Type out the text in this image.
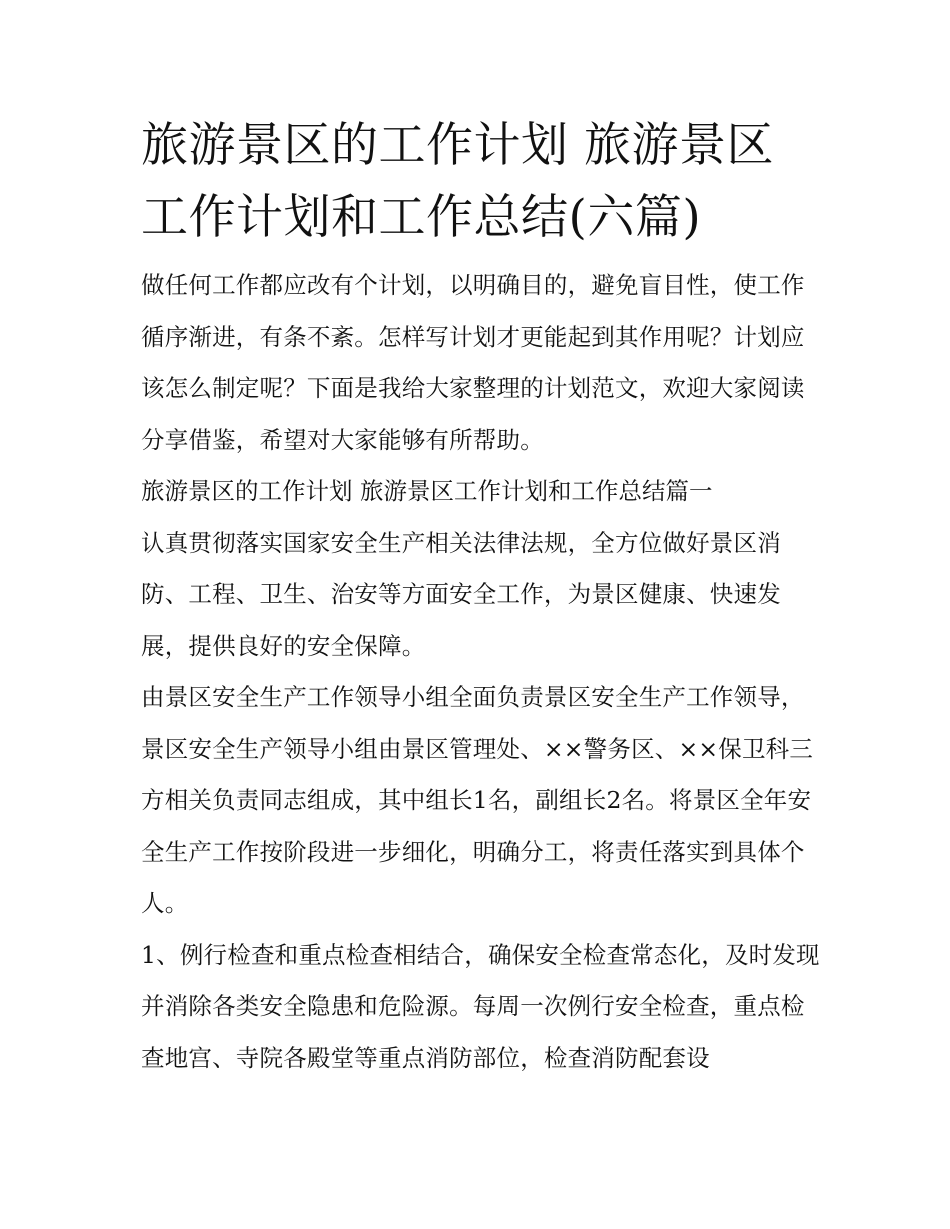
旅游景区的工作计划 旅游景区工作计划和工作总结(六篇)

做任何工作都应改有个计划，以明确目的，避免盲目性，使工作循序渐进，有条不紊。怎样写计划才更能起到其作用呢？计划应该怎么制定呢？下面是我给大家整理的计划范文，欢迎大家阅读分享借鉴，希望对大家能够有所帮助。

旅游景区的工作计划 旅游景区工作计划和工作总结篇一

认真贯彻落实国家安全生产相关法律法规，全方位做好景区消防、工程、卫生、治安等方面安全工作，为景区健康、快速发展，提供良好的安全保障。

由景区安全生产工作领导小组全面负责景区安全生产工作领导，景区安全生产领导小组由景区管理处、××警务区、××保卫科三方相关负责同志组成，其中组长1名，副组长2名。将景区全年安全生产工作按阶段进一步细化，明确分工，将责任落实到具体个人。

1、例行检查和重点检查相结合，确保安全检查常态化，及时发现并消除各类安全隐患和危险源。每周一次例行安全检查，重点检查地宫、寺院各殿堂等重点消防部位，检查消防配套设
